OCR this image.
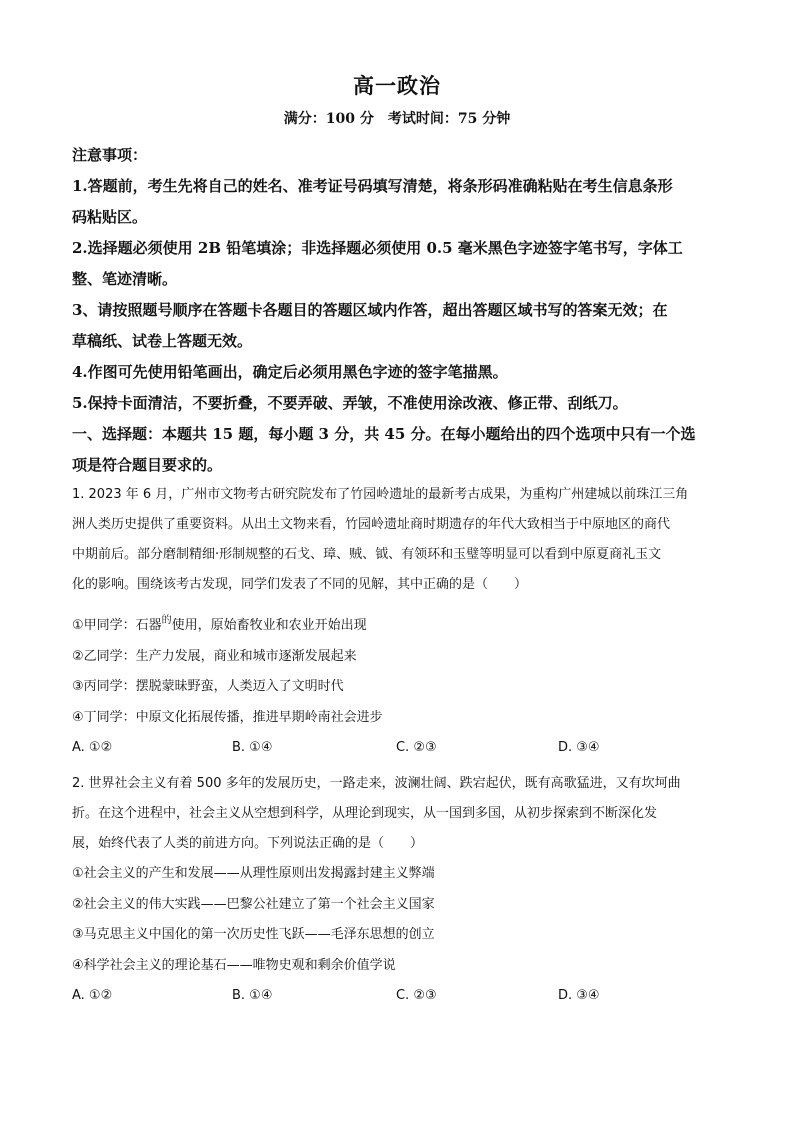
高一政治
满分：100 分　考试时间：75 分钟
注意事项：
1.答题前，考生先将自己的姓名、准考证号码填写清楚，将条形码准确粘贴在考生信息条形
码粘贴区。
2.选择题必须使用 2B 铅笔填涂；非选择题必须使用 0.5 毫米黑色字迹签字笔书写，字体工
整、笔迹清晰。
3、请按照题号顺序在答题卡各题目的答题区域内作答，超出答题区域书写的答案无效；在
草稿纸、试卷上答题无效。
4.作图可先使用铅笔画出，确定后必须用黑色字迹的签字笔描黑。
5.保持卡面清洁，不要折叠，不要弄破、弄皱，不准使用涂改液、修正带、刮纸刀。
一、选择题：本题共 15 题，每小题 3 分，共 45 分。在每小题给出的四个选项中只有一个选
项是符合题目要求的。
1. 2023 年 6 月，广州市文物考古研究院发布了竹园岭遗址的最新考古成果，为重构广州建城以前珠江三角
洲人类历史提供了重要资料。从出土文物来看，竹园岭遗址商时期遗存的年代大致相当于中原地区的商代
中期前后。部分磨制精细·形制规整的石戈、璋、贼、钺、有领环和玉璧等明显可以看到中原夏商礼玉文
化的影响。围绕该考古发现，同学们发表了不同的见解，其中正确的是（　　）
①甲同学：石器$^的$使用，原始畜牧业和农业开始出现
②乙同学：生产力发展，商业和城市逐渐发展起来
③丙同学：摆脱蒙昧野蛮，人类迈入了文明时代
④丁同学：中原文化拓展传播，推进早期岭南社会进步
A. ①②	B. ①④	C. ②③	D. ③④
2. 世界社会主义有着 500 多年的发展历史，一路走来，波澜壮阔、跌宕起伏，既有高歌猛进，又有坎坷曲
折。在这个进程中，社会主义从空想到科学，从理论到现实，从一国到多国，从初步探索到不断深化发
展，始终代表了人类的前进方向。下列说法正确的是（　　）
①社会主义的产生和发展——从理性原则出发揭露封建主义弊端
②社会主义的伟大实践——巴黎公社建立了第一个社会主义国家
③马克思主义中国化的第一次历史性飞跃——毛泽东思想的创立
④科学社会主义的理论基石——唯物史观和剩余价值学说
A. ①②	B. ①④	C. ②③	D. ③④
